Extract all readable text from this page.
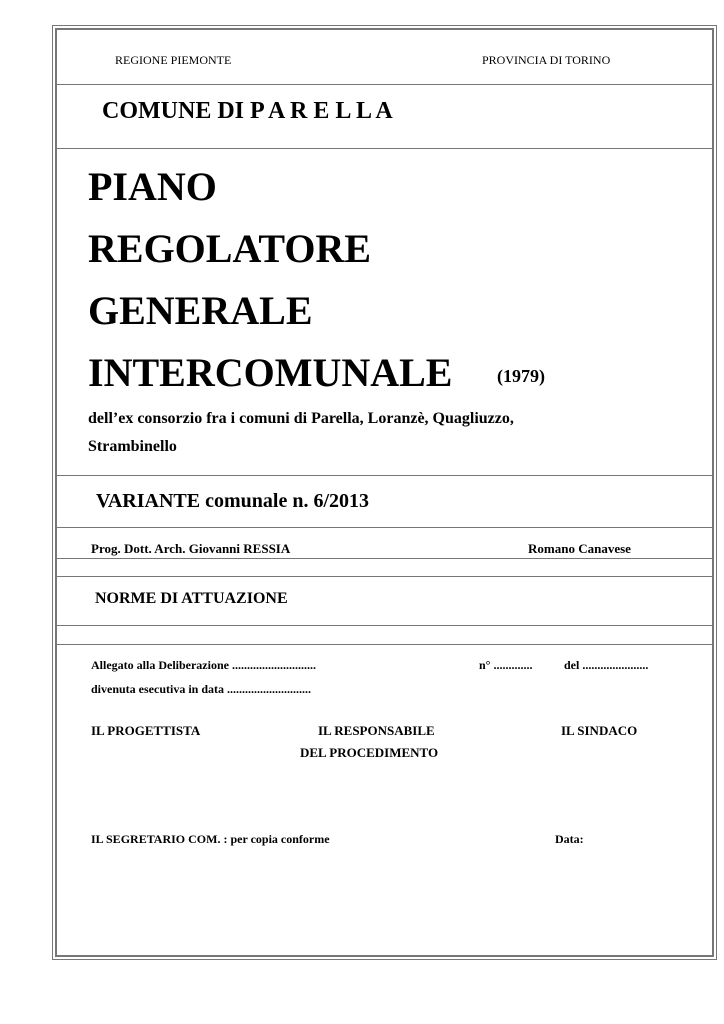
REGIONE PIEMONTE	PROVINCIA DI TORINO
COMUNE DI P A R E L L A
PIANO
REGOLATORE
GENERALE
INTERCOMUNALE (1979)
dell’ex consorzio fra i comuni di Parella, Loranzè, Quagliuzzo,
Strambinello
VARIANTE comunale n. 6/2013
Prog. Dott. Arch. Giovanni RESSIA	Romano Canavese
NORME DI ATTUAZIONE
Allegato alla Deliberazione ............................	n° .............	del ......................
divenuta esecutiva in data ............................
IL PROGETTISTA	IL RESPONSABILE
DEL PROCEDIMENTO
IL SINDACO
IL SEGRETARIO COM. : per copia conforme	Data:
